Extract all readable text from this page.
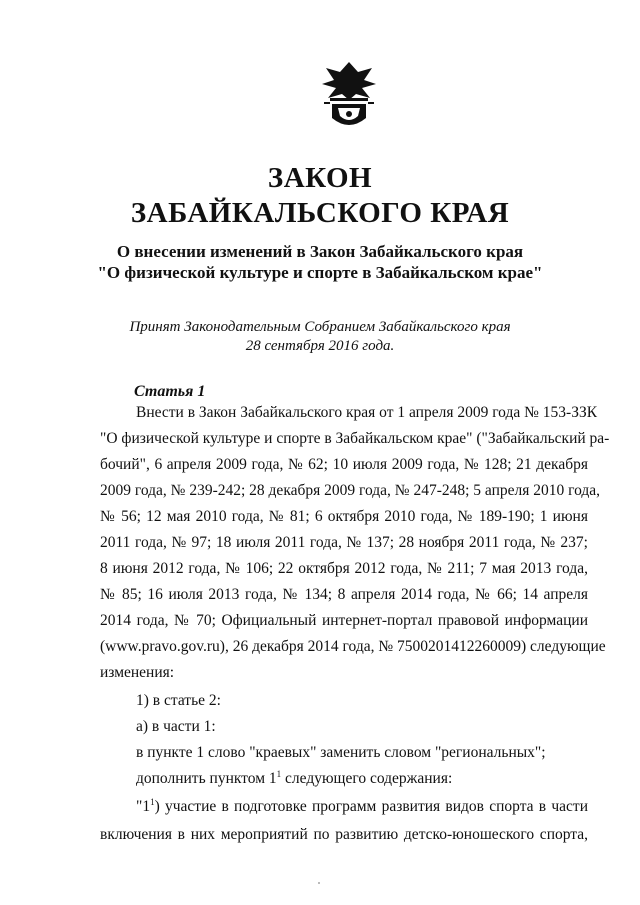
ЗАКОН
ЗАБАЙКАЛЬСКОГО КРАЯ
О внесении изменений в Закон Забайкальского края
"О физической культуре и спорте в Забайкальском крае"
Принят Законодательным Собранием Забайкальского края
28 сентября 2016 года.
Статья 1
Внести в Закон Забайкальского края от 1 апреля 2009 года № 153-ЗЗК
"О физической культуре и спорте в Забайкальском крае" ("Забайкальский ра-
бочий", 6 апреля 2009 года, № 62; 10 июля 2009 года, № 128; 21 декабря
2009 года, № 239-242; 28 декабря 2009 года, № 247-248; 5 апреля 2010 года,
№ 56; 12 мая 2010 года, № 81; 6 октября 2010 года, № 189-190; 1 июня
2011 года, № 97; 18 июля 2011 года, № 137; 28 ноября 2011 года, № 237;
8 июня 2012 года, № 106; 22 октября 2012 года, № 211; 7 мая 2013 года,
№ 85; 16 июля 2013 года, № 134; 8 апреля 2014 года, № 66; 14 апреля
2014 года, № 70; Официальный интернет-портал правовой информации
(www.pravo.gov.ru), 26 декабря 2014 года, № 7500201412260009) следующие
изменения:
1) в статье 2:
а) в части 1:
в пункте 1 слово "краевых" заменить словом "региональных";
дополнить пунктом $1^1$ следующего содержания:
"$1^1$) участие в подготовке программ развития видов спорта в части
включения в них мероприятий по развитию детско-юношеского спорта,
